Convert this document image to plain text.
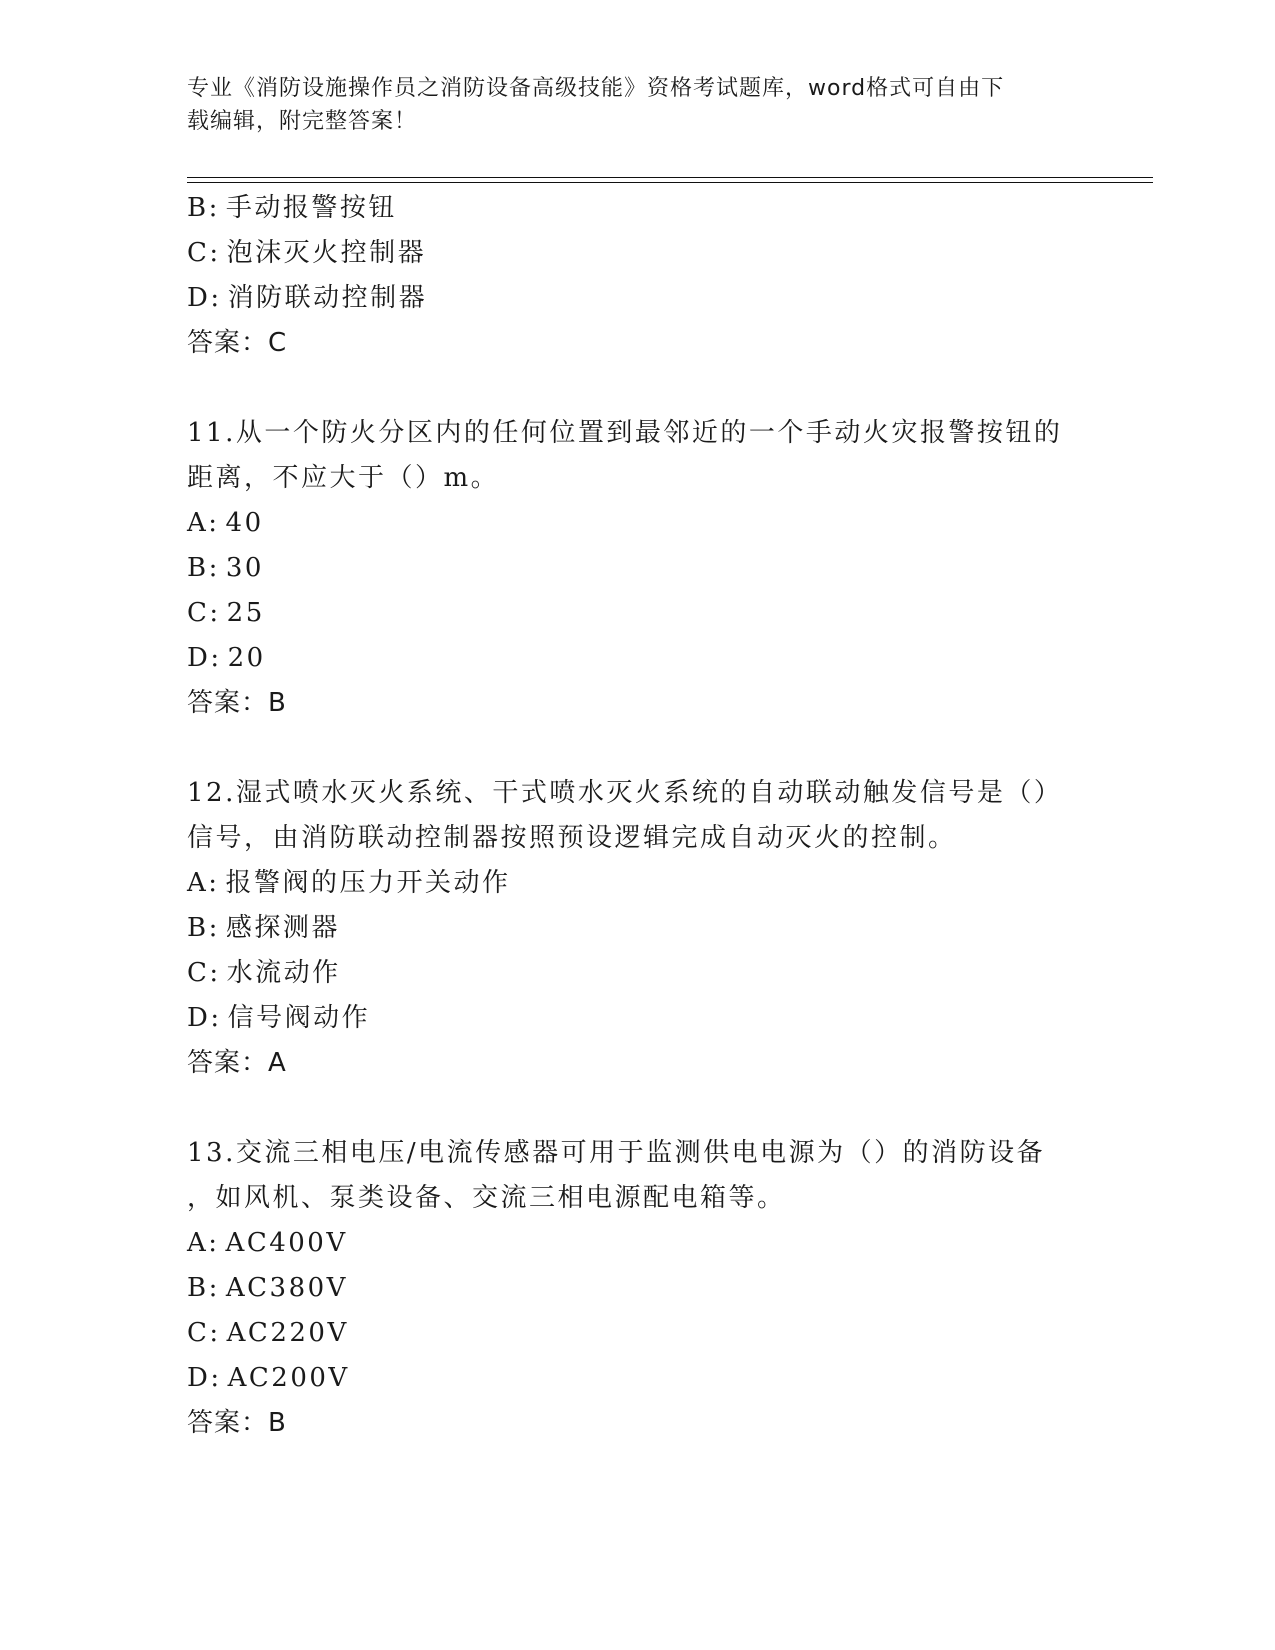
专业《消防设施操作员之消防设备高级技能》资格考试题库，word格式可自由下
载编辑，附完整答案！
B: 手动报警按钮
C: 泡沫灭火控制器
D: 消防联动控制器
答案：C
11.从一个防火分区内的任何位置到最邻近的一个手动火灾报警按钮的
距离，不应大于（）m。
A: 40
B: 30
C: 25
D: 20
答案：B
12.湿式喷水灭火系统、干式喷水灭火系统的自动联动触发信号是（）
信号，由消防联动控制器按照预设逻辑完成自动灭火的控制。
A: 报警阀的压力开关动作
B: 感探测器
C: 水流动作
D: 信号阀动作
答案：A
13.交流三相电压/电流传感器可用于监测供电电源为（）的消防设备
，如风机、泵类设备、交流三相电源配电箱等。
A: AC400V
B: AC380V
C: AC220V
D: AC200V
答案：B
